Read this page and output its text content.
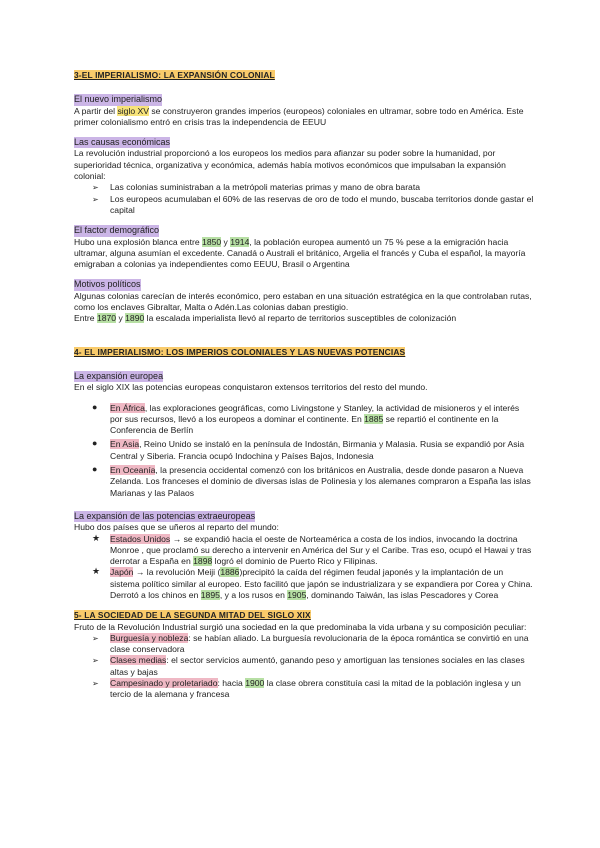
3-EL IMPERIALISMO: LA EXPANSIÓN COLONIAL

El nuevo imperialismo

A partir del siglo XV se construyeron grandes imperios (europeos) coloniales en ultramar, sobre todo en América. Este primer colonialismo entró en crisis tras la independencia de EEUU

Las causas económicas

La revolución industrial proporcionó a los europeos los medios para afianzar su poder sobre la humanidad, por superioridad técnica, organizativa y económica, además había motivos económicos que impulsaban la expansión colonial:

➢ Las colonias suministraban a la metrópoli materias primas y mano de obra barata
➢ Los europeos acumulaban el 60% de las reservas de oro de todo el mundo, buscaba territorios donde gastar el capital

El factor demográfico

Hubo una explosión blanca entre 1850 y 1914, la población europea aumentó un 75 % pese a la emigración hacia ultramar, alguna asumían el excedente. Canadá o Australi el británico, Argelia el francés y Cuba el español, la mayoría emigraban a colonias ya independientes como EEUU, Brasil o Argentina

Motivos políticos

Algunas colonias carecían de interés económico, pero estaban en una situación estratégica en la que controlaban rutas, como los enclaves Gibraltar, Malta o Adén.Las colonias daban prestigio.

Entre 1870 y 1890 la escalada imperialista llevó al reparto de territorios susceptibles de colonización

4- EL IMPERIALISMO: LOS IMPERIOS COLONIALES Y LAS NUEVAS POTENCIAS

La expansión europea

En el siglo XIX las potencias europeas conquistaron extensos territorios del resto del mundo.

● En África, las exploraciones geográficas, como Livingstone y Stanley, la actividad de misioneros y el interés por sus recursos, llevó a los europeos a dominar el continente. En 1885 se repartió el continente en la Conferencia de Berlín
● En Asia, Reino Unido se instaló en la península de Indostán, Birmania y Malasia. Rusia se expandió por Asia Central y Siberia. Francia ocupó Indochina y Países Bajos, Indonesia
● En Oceanía, la presencia occidental comenzó con los británicos en Australia, desde donde pasaron a Nueva Zelanda. Los franceses el dominio de diversas islas de Polinesia y los alemanes compraron a España las islas Marianas y las Palaos

La expansión de las potencias extraeuropeas

Hubo dos países que se uñeros al reparto del mundo:

★ Estados Unidos → se expandió hacia el oeste de Norteamérica a costa de los indios, invocando la doctrina Monroe , que proclamó su derecho a intervenir en América del Sur y el Caribe. Tras eso, ocupó el Hawai y tras derrotar a España en 1898 logró el dominio de Puerto Rico y Filipinas.
★ Japón → la revolución Meiji (1886)precipitó la caída del régimen feudal japonés y la implantación de un sistema político similar al europeo. Esto facilitó que japón se industrializara y se expandiera por Corea y China. Derrotó a los chinos en 1895, y a los rusos en 1905, dominando Taiwán, las islas Pescadores y Corea

5- LA SOCIEDAD DE LA SEGUNDA MITAD DEL SIGLO XIX

Fruto de la Revolución Industrial surgió una sociedad en la que predominaba la vida urbana y su composición peculiar:

➢ Burguesía y nobleza: se habían aliado. La burguesía revolucionaria de la época romántica se convirtió en una clase conservadora
➢ Clases medias: el sector servicios aumentó, ganando peso y amortiguan las tensiones sociales en las clases altas y bajas
➢ Campesinado y proletariado: hacia 1900 la clase obrera constituía casi la mitad de la población inglesa y un tercio de la alemana y francesa
